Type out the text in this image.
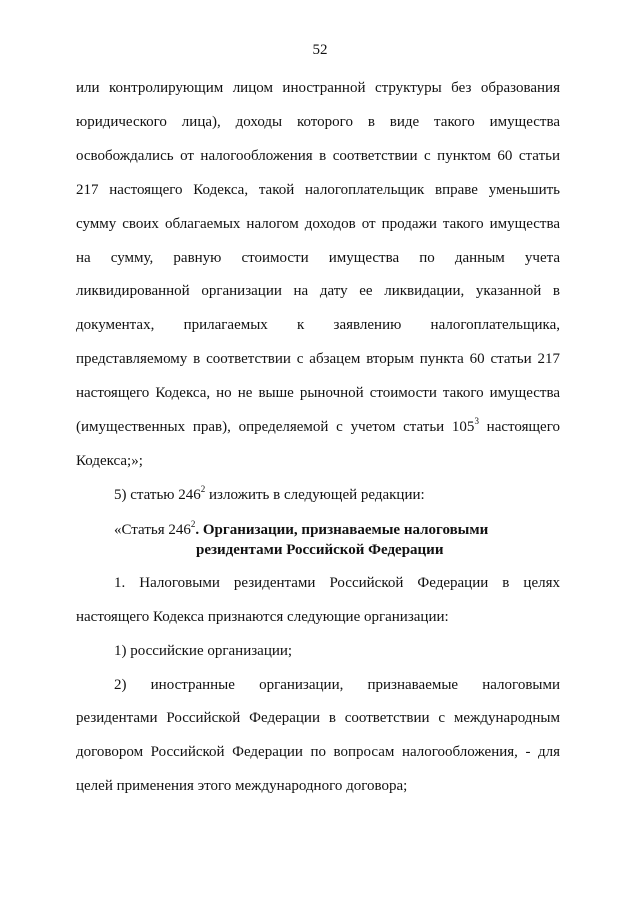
52

или контролирующим лицом иностранной структуры без образования

юридического лица), доходы которого в виде такого имущества

освобождались от налогообложения в соответствии с пунктом 60 статьи

217 настоящего Кодекса, такой налогоплательщик вправе уменьшить

сумму своих облагаемых налогом доходов от продажи такого имущества

на сумму, равную стоимости имущества по данным учета

ликвидированной организации на дату ее ликвидации, указанной в

документах, прилагаемых к заявлению налогоплательщика,

представляемому в соответствии с абзацем вторым пункта 60 статьи 217

настоящего Кодекса, но не выше рыночной стоимости такого имущества

(имущественных прав), определяемой с учетом статьи $105^3$ настоящего

Кодекса;»;

5) статью $246^2$ изложить в следующей редакции:

«Статья $246^2$. Организации, признаваемые налоговыми
резидентами Российской Федерации

1. Налоговыми резидентами Российской Федерации в целях

настоящего Кодекса признаются следующие организации:

1) российские организации;

2) иностранные организации, признаваемые налоговыми

резидентами Российской Федерации в соответствии с международным

договором Российской Федерации по вопросам налогообложения, - для

целей применения этого международного договора;
